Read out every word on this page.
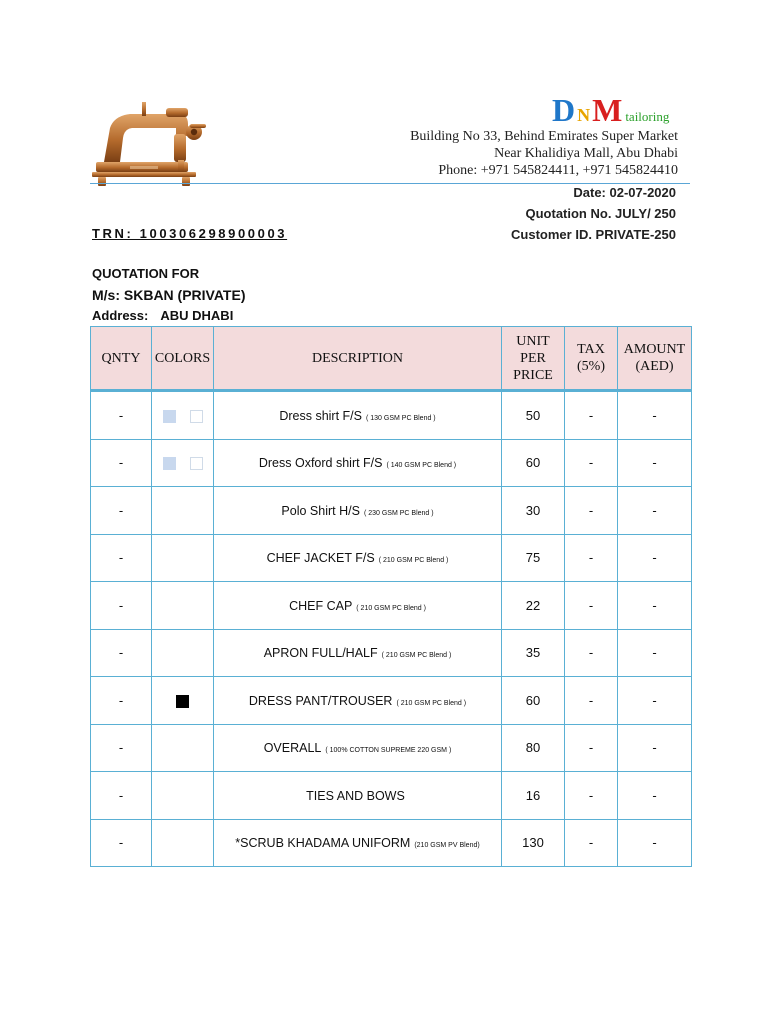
D NM tailoring
Building No 33, Behind Emirates Super Market
Near Khalidiya Mall, Abu Dhabi
Phone: +971 545824411, +971 545824410
Date: 02-07-2020
Quotation No. JULY/ 250
Customer ID. PRIVATE-250
TRN: 100306298900003
QUOTATION FOR
M/s: SKBAN (PRIVATE)
Address: ABU DHABI
QNTY	COLORS	DESCRIPTION	UNIT PER PRICE	TAX (5%)	AMOUNT (AED)
-		Dress shirt F/S ( 130 GSM PC Blend )	50	-	-
-		Dress Oxford shirt F/S ( 140 GSM PC Blend )	60	-	-
-		Polo Shirt H/S ( 230 GSM PC Blend )	30	-	-
-		CHEF JACKET F/S ( 210 GSM PC Blend )	75	-	-
-		CHEF CAP ( 210 GSM PC Blend )	22	-	-
-		APRON FULL/HALF ( 210 GSM PC Blend )	35	-	-
-		DRESS PANT/TROUSER ( 210 GSM PC Blend )	60	-	-
-		OVERALL ( 100% COTTON SUPREME 220 GSM )	80	-	-
-		TIES AND BOWS	16	-	-
-		*SCRUB KHADAMA UNIFORM (210 GSM PV Blend)	130	-	-
